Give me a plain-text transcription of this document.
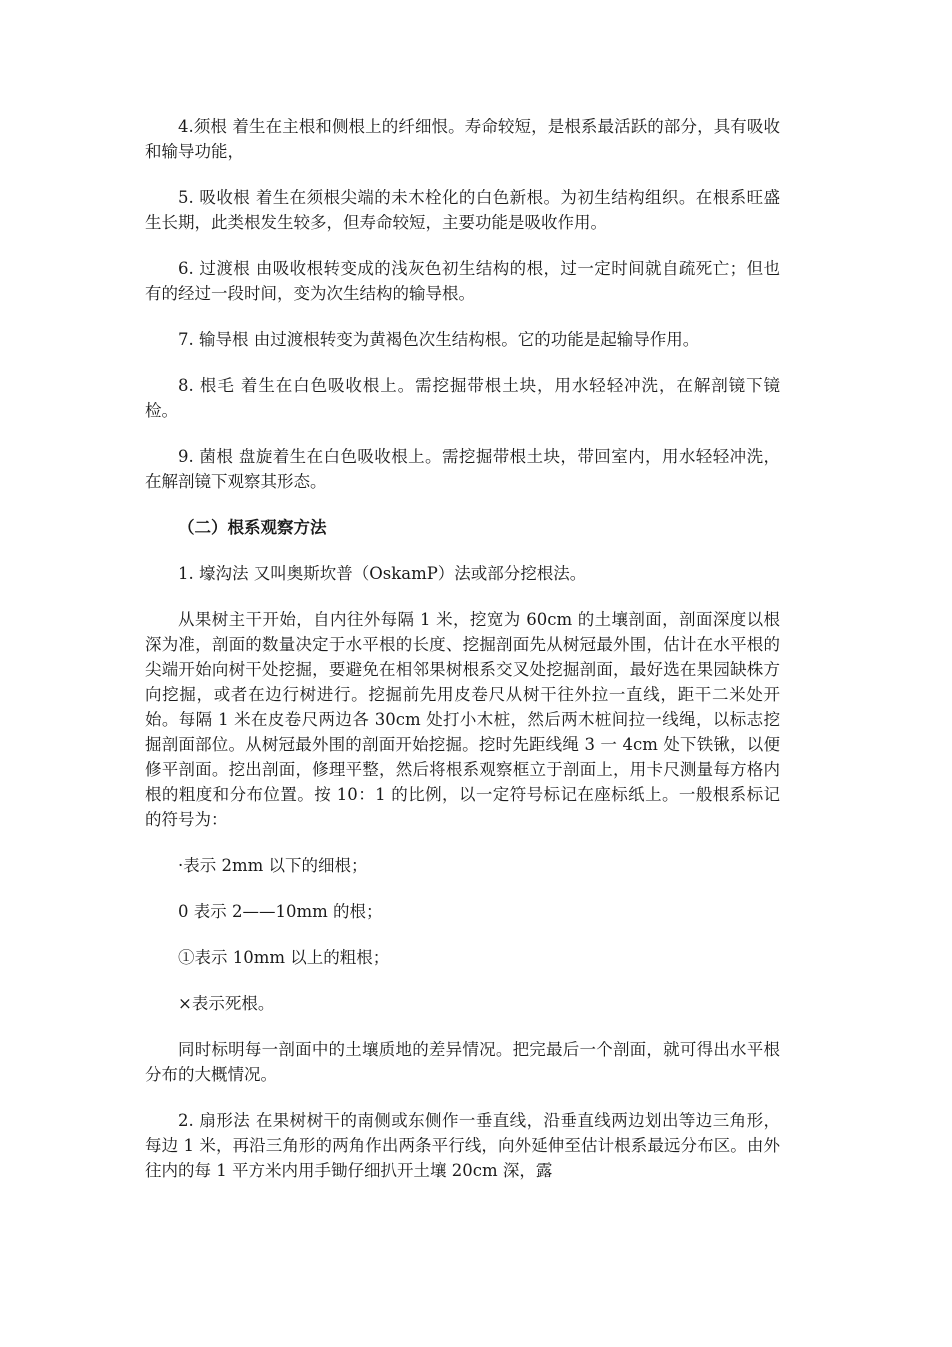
4.须根 着生在主根和侧根上的纤细恨。寿命较短，是根系最活跃的部分，具有吸收和输导功能，

5. 吸收根 着生在须根尖端的未木栓化的白色新根。为初生结构组织。在根系旺盛生长期，此类根发生较多，但寿命较短，主要功能是吸收作用。

6. 过渡根 由吸收根转变成的浅灰色初生结构的根，过一定时间就自疏死亡；但也有的经过一段时间，变为次生结构的输导根。

7. 输导根 由过渡根转变为黄褐色次生结构根。它的功能是起输导作用。

8. 根毛 着生在白色吸收根上。需挖掘带根土块，用水轻轻冲洗，在解剖镜下镜检。

9. 菌根 盘旋着生在白色吸收根上。需挖掘带根土块，带回室内，用水轻轻冲洗，在解剖镜下观察其形态。

（二）根系观察方法

1. 壕沟法 又叫奥斯坎普（OskamP）法或部分挖根法。

从果树主干开始，自内往外每隔 1 米，挖宽为 60cm 的土壤剖面，剖面深度以根深为准，剖面的数量决定于水平根的长度、挖掘剖面先从树冠最外围，估计在水平根的尖端开始向树干处挖掘，要避免在相邻果树根系交叉处挖掘剖面，最好选在果园缺株方向挖掘，或者在边行树进行。挖掘前先用皮卷尺从树干往外拉一直线，距干二米处开始。每隔 1 米在皮卷尺两边各 30cm 处打小木桩，然后两木桩间拉一线绳，以标志挖掘剖面部位。从树冠最外围的剖面开始挖掘。挖时先距线绳 3 一 4cm 处下铁锹，以便修平剖面。挖出剖面，修理平整，然后将根系观察框立于剖面上，用卡尺测量每方格内根的粗度和分布位置。按 10：1 的比例，以一定符号标记在座标纸上。一般根系标记的符号为：

·表示 2mm 以下的细根；

0 表示 2——10mm 的根；

①表示 10mm 以上的粗根；

×表示死根。

同时标明每一剖面中的土壤质地的差异情况。把完最后一个剖面，就可得出水平根分布的大概情况。

2. 扇形法 在果树树干的南侧或东侧作一垂直线，沿垂直线两边划出等边三角形，每边 1 米，再沿三角形的两角作出两条平行线，向外延伸至估计根系最远分布区。由外往内的每 1 平方米内用手锄仔细扒开土壤 20cm 深，露
